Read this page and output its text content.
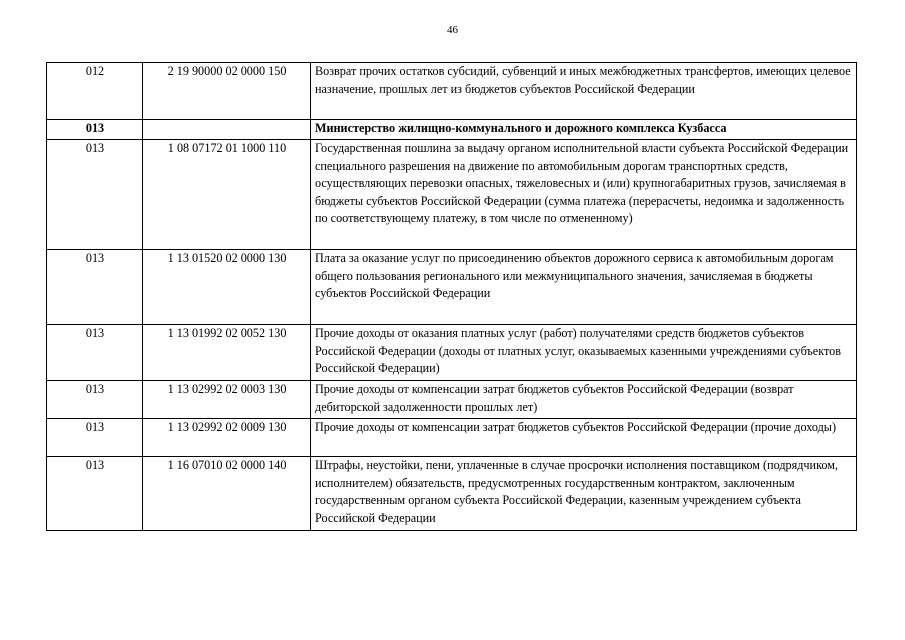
46
012	2 19 90000 02 0000 150	Возврат прочих остатков субсидий, субвенций и иных межбюджетных трансфертов, имеющих целевое назначение, прошлых лет из бюджетов субъектов Российской Федерации
013		Министерство жилищно-коммунального и дорожного комплекса Кузбасса
013	1 08 07172 01 1000 110	Государственная пошлина за выдачу органом исполнительной власти субъекта Российской Федерации специального разрешения на движение по автомобильным дорогам транспортных средств, осуществляющих перевозки опасных, тяжеловесных и (или) крупногабаритных грузов, зачисляемая в бюджеты субъектов Российской Федерации (сумма платежа (перерасчеты, недоимка и задолженность по соответствующему платежу, в том числе по отмененному)
013	1 13 01520 02 0000 130	Плата за оказание услуг по присоединению объектов дорожного сервиса к автомобильным дорогам общего пользования регионального или межмуниципального значения, зачисляемая в бюджеты субъектов Российской Федерации
013	1 13 01992 02 0052 130	Прочие доходы от оказания платных услуг (работ) получателями средств бюджетов субъектов Российской Федерации (доходы от платных услуг, оказываемых казенными учреждениями субъектов Российской Федерации)
013	1 13 02992 02 0003 130	Прочие доходы от компенсации затрат бюджетов субъектов Российской Федерации (возврат дебиторской задолженности прошлых лет)
013	1 13 02992 02 0009 130	Прочие доходы от компенсации затрат бюджетов субъектов Российской Федерации (прочие доходы)
013	1 16 07010 02 0000 140	Штрафы, неустойки, пени, уплаченные в случае просрочки исполнения поставщиком (подрядчиком, исполнителем) обязательств, предусмотренных государственным контрактом, заключенным государственным органом субъекта Российской Федерации, казенным учреждением субъекта Российской Федерации
